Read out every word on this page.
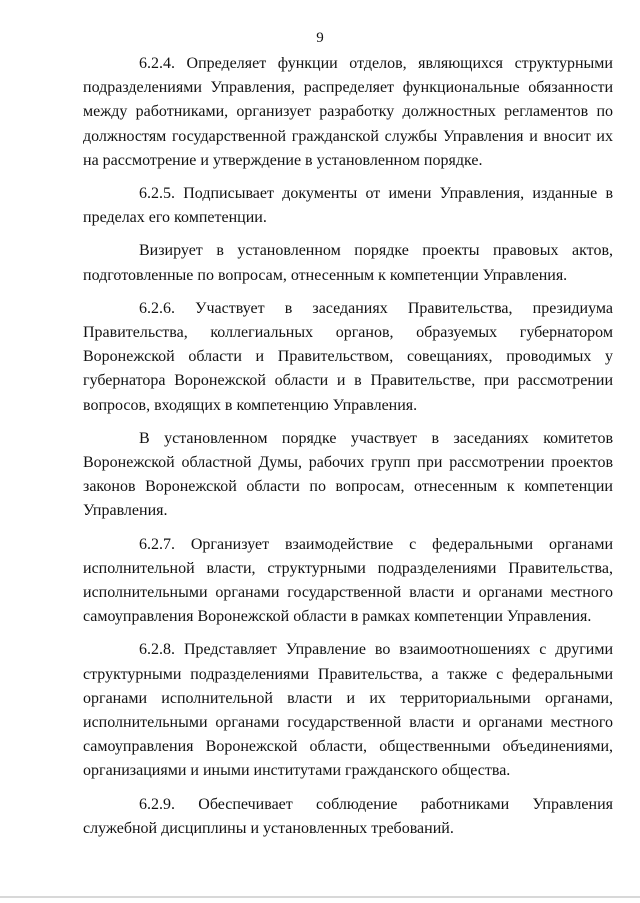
9

6.2.4. Определяет функции отделов, являющихся структурными подразделениями Управления, распределяет функциональные обязанности между работниками, организует разработку должностных регламентов по должностям государственной гражданской службы Управления и вносит их на рассмотрение и утверждение в установленном порядке.

6.2.5. Подписывает документы от имени Управления, изданные в пределах его компетенции.

Визирует в установленном порядке проекты правовых актов, подготовленные по вопросам, отнесенным к компетенции Управления.

6.2.6. Участвует в заседаниях Правительства, президиума Правительства, коллегиальных органов, образуемых губернатором Воронежской области и Правительством, совещаниях, проводимых у губернатора Воронежской области и в Правительстве, при рассмотрении вопросов, входящих в компетенцию Управления.

В установленном порядке участвует в заседаниях комитетов Воронежской областной Думы, рабочих групп при рассмотрении проектов законов Воронежской области по вопросам, отнесенным к компетенции Управления.

6.2.7. Организует взаимодействие с федеральными органами исполнительной власти, структурными подразделениями Правительства, исполнительными органами государственной власти и органами местного самоуправления Воронежской области в рамках компетенции Управления.

6.2.8. Представляет Управление во взаимоотношениях с другими структурными подразделениями Правительства, а также с федеральными органами исполнительной власти и их территориальными органами, исполнительными органами государственной власти и органами местного самоуправления Воронежской области, общественными объединениями, организациями и иными институтами гражданского общества.

6.2.9. Обеспечивает соблюдение работниками Управления служебной дисциплины и установленных требований.
